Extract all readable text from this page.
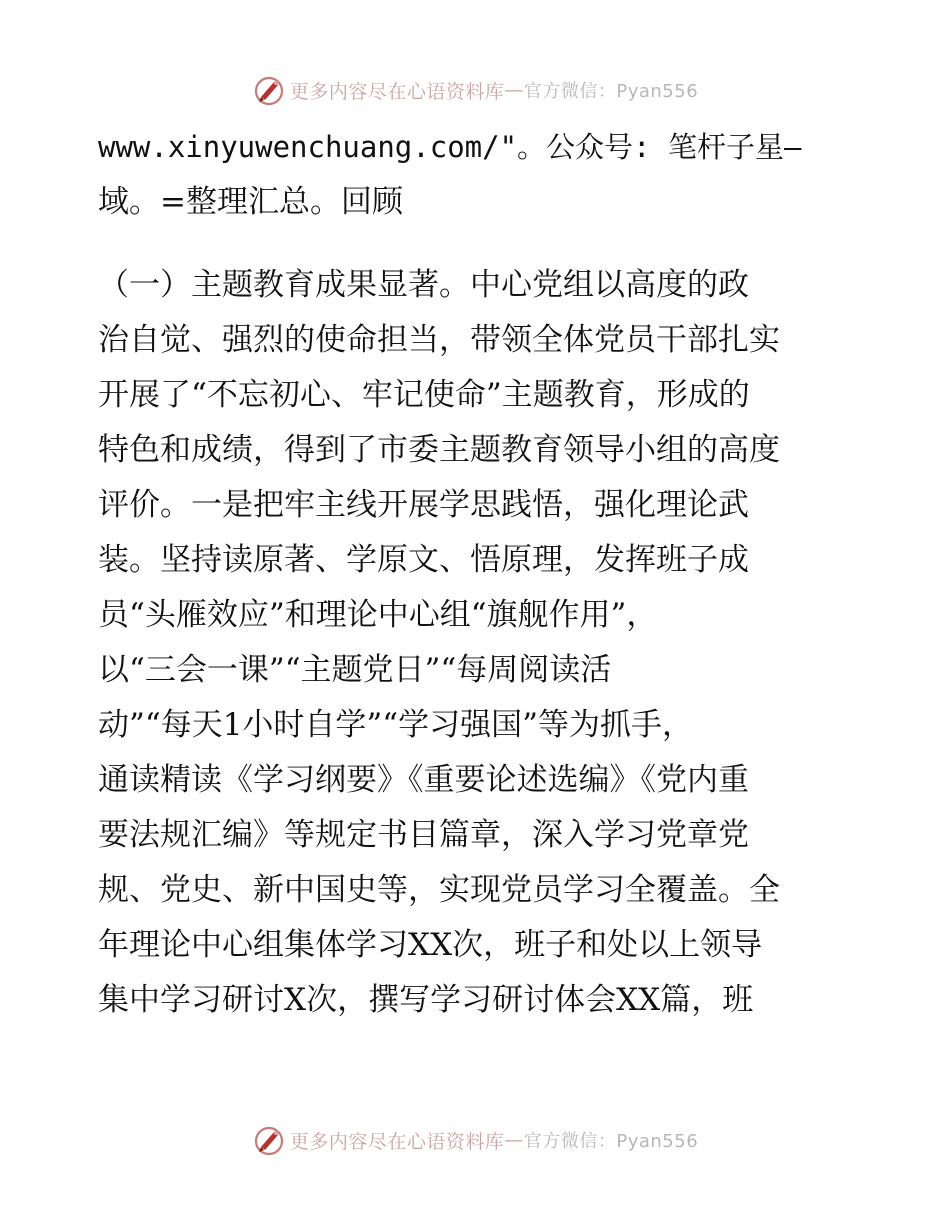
更多内容尽在心语资料库 — 官方微信：Pyan556
www.xinyuwenchuang.com/"。公众号: 笔杆子星—
域。=整理汇总。回顾
（一）主题教育成果显著。中心党组以高度的政
治自觉、强烈的使命担当，带领全体党员干部扎实
开展了“不忘初心、牢记使命”主题教育，形成的
特色和成绩，得到了市委主题教育领导小组的高度
评价。一是把牢主线开展学思践悟，强化理论武
装。坚持读原著、学原文、悟原理，发挥班子成
员“头雁效应”和理论中心组“旗舰作用”，
以“三会一课”“主题党日”“每周阅读活
动”“每天1小时自学”“学习强国”等为抓手，
通读精读《学习纲要》《重要论述选编》《党内重
要法规汇编》等规定书目篇章，深入学习党章党
规、党史、新中国史等，实现党员学习全覆盖。全
年理论中心组集体学习XX次，班子和处以上领导
集中学习研讨X次，撰写学习研讨体会XX篇，班
更多内容尽在心语资料库 — 官方微信：Pyan556
